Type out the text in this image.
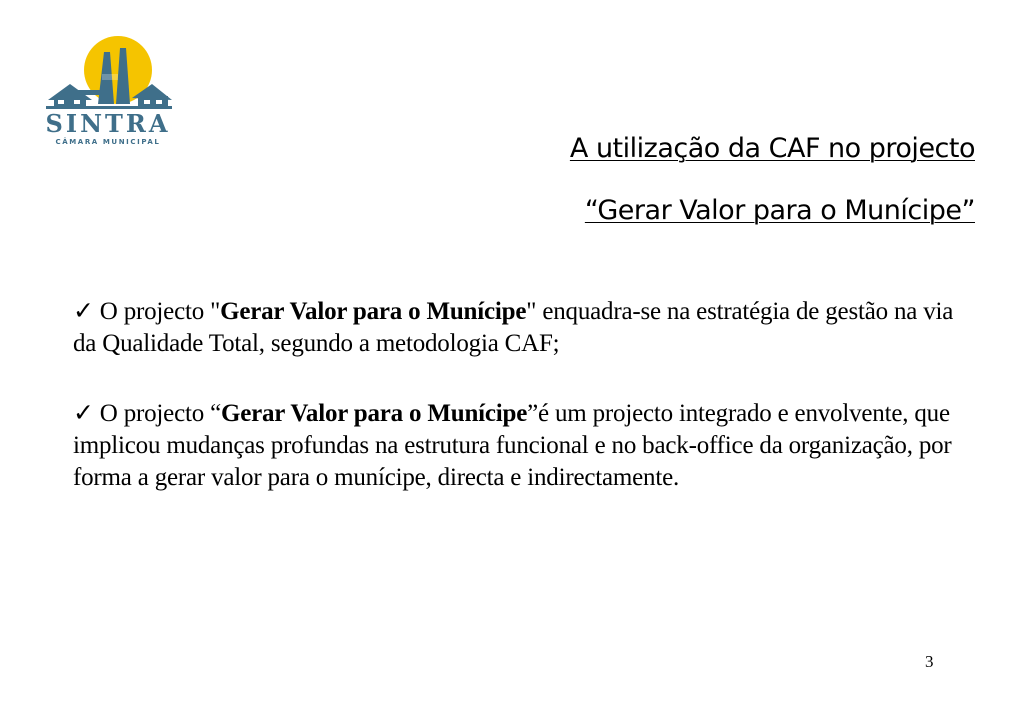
SINTRA
CÂMARA MUNICIPAL	A utilização da CAF no projecto
“Gerar Valor para o Munícipe”

✓ O projecto "Gerar Valor para o Munícipe" enquadra-se na estratégia de gestão na via da Qualidade Total, segundo a metodologia CAF;

✓ O projecto “Gerar Valor para o Munícipe”é um projecto integrado e envolvente, que implicou mudanças profundas na estrutura funcional e no back-office da organização, por forma a gerar valor para o munícipe, directa e indirectamente.

3
